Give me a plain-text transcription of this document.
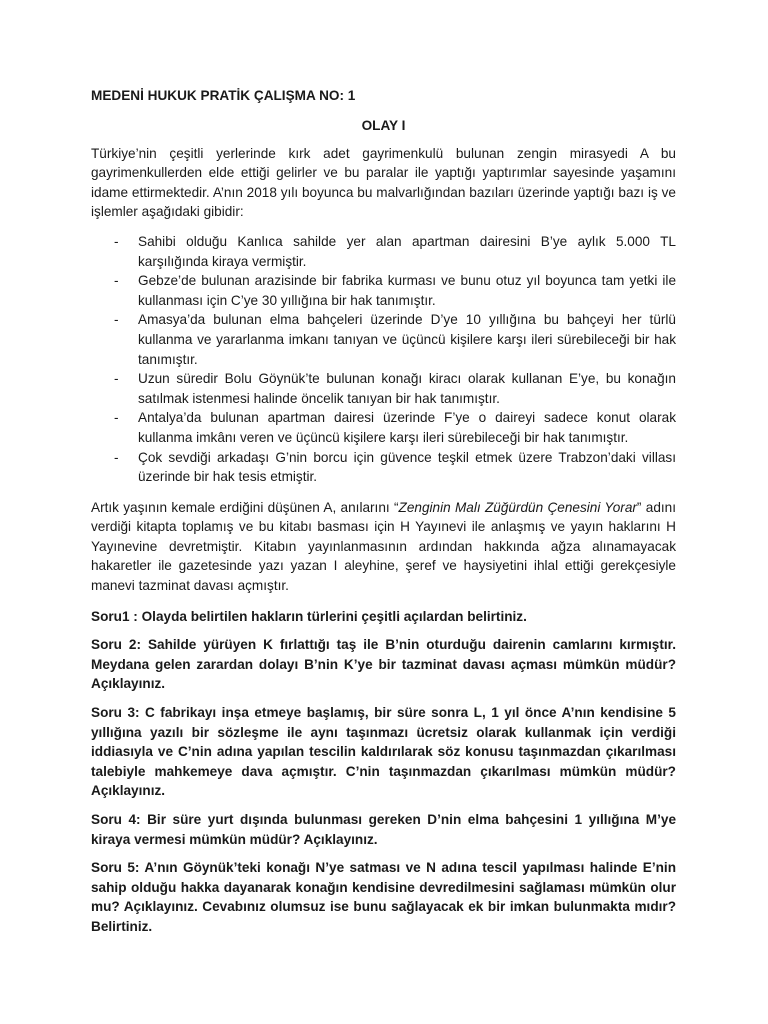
MEDENİ HUKUK PRATİK ÇALIŞMA NO: 1
OLAY I

Türkiye’nin çeşitli yerlerinde kırk adet gayrimenkulü bulunan zengin mirasyedi A bu gayrimenkullerden elde ettiği gelirler ve bu paralar ile yaptığı yaptırımlar sayesinde yaşamını idame ettirmektedir. A’nın 2018 yılı boyunca bu malvarlığından bazıları üzerinde yaptığı bazı iş ve işlemler aşağıdaki gibidir:

- Sahibi olduğu Kanlıca sahilde yer alan apartman dairesini B’ye aylık 5.000 TL karşılığında kiraya vermiştir.
- Gebze’de bulunan arazisinde bir fabrika kurması ve bunu otuz yıl boyunca tam yetki ile kullanması için C’ye 30 yıllığına bir hak tanımıştır.
- Amasya’da bulunan elma bahçeleri üzerinde D’ye 10 yıllığına bu bahçeyi her türlü kullanma ve yararlanma imkanı tanıyan ve üçüncü kişilere karşı ileri sürebileceği bir hak tanımıştır.
- Uzun süredir Bolu Göynük’te bulunan konağı kiracı olarak kullanan E’ye, bu konağın satılmak istenmesi halinde öncelik tanıyan bir hak tanımıştır.
- Antalya’da bulunan apartman dairesi üzerinde F’ye o daireyi sadece konut olarak kullanma imkânı veren ve üçüncü kişilere karşı ileri sürebileceği bir hak tanımıştır.
- Çok sevdiği arkadaşı G’nin borcu için güvence teşkil etmek üzere Trabzon’daki villası üzerinde bir hak tesis etmiştir.

Artık yaşının kemale erdiğini düşünen A, anılarını “Zenginin Malı Züğürdün Çenesini Yorar” adını verdiği kitapta toplamış ve bu kitabı basması için H Yayınevi ile anlaşmış ve yayın haklarını H Yayınevine devretmiştir. Kitabın yayınlanmasının ardından hakkında ağza alınamayacak hakaretler ile gazetesinde yazı yazan I aleyhine, şeref ve haysiyetini ihlal ettiği gerekçesiyle manevi tazminat davası açmıştır.

Soru1 : Olayda belirtilen hakların türlerini çeşitli açılardan belirtiniz.

Soru 2: Sahilde yürüyen K fırlattığı taş ile B’nin oturduğu dairenin camlarını kırmıştır. Meydana gelen zarardan dolayı B’nin K’ye bir tazminat davası açması mümkün müdür? Açıklayınız.

Soru 3: C fabrikayı inşa etmeye başlamış, bir süre sonra L, 1 yıl önce A’nın kendisine 5 yıllığına yazılı bir sözleşme ile aynı taşınmazı ücretsiz olarak kullanmak için verdiği iddiasıyla ve C’nin adına yapılan tescilin kaldırılarak söz konusu taşınmazdan çıkarılması talebiyle mahkemeye dava açmıştır. C’nin taşınmazdan çıkarılması mümkün müdür? Açıklayınız.

Soru 4: Bir süre yurt dışında bulunması gereken D’nin elma bahçesini 1 yıllığına M’ye kiraya vermesi mümkün müdür? Açıklayınız.

Soru 5: A’nın Göynük’teki konağı N’ye satması ve N adına tescil yapılması halinde E’nin sahip olduğu hakka dayanarak konağın kendisine devredilmesini sağlaması mümkün olur mu? Açıklayınız. Cevabınız olumsuz ise bunu sağlayacak ek bir imkan bulunmakta mıdır? Belirtiniz.
